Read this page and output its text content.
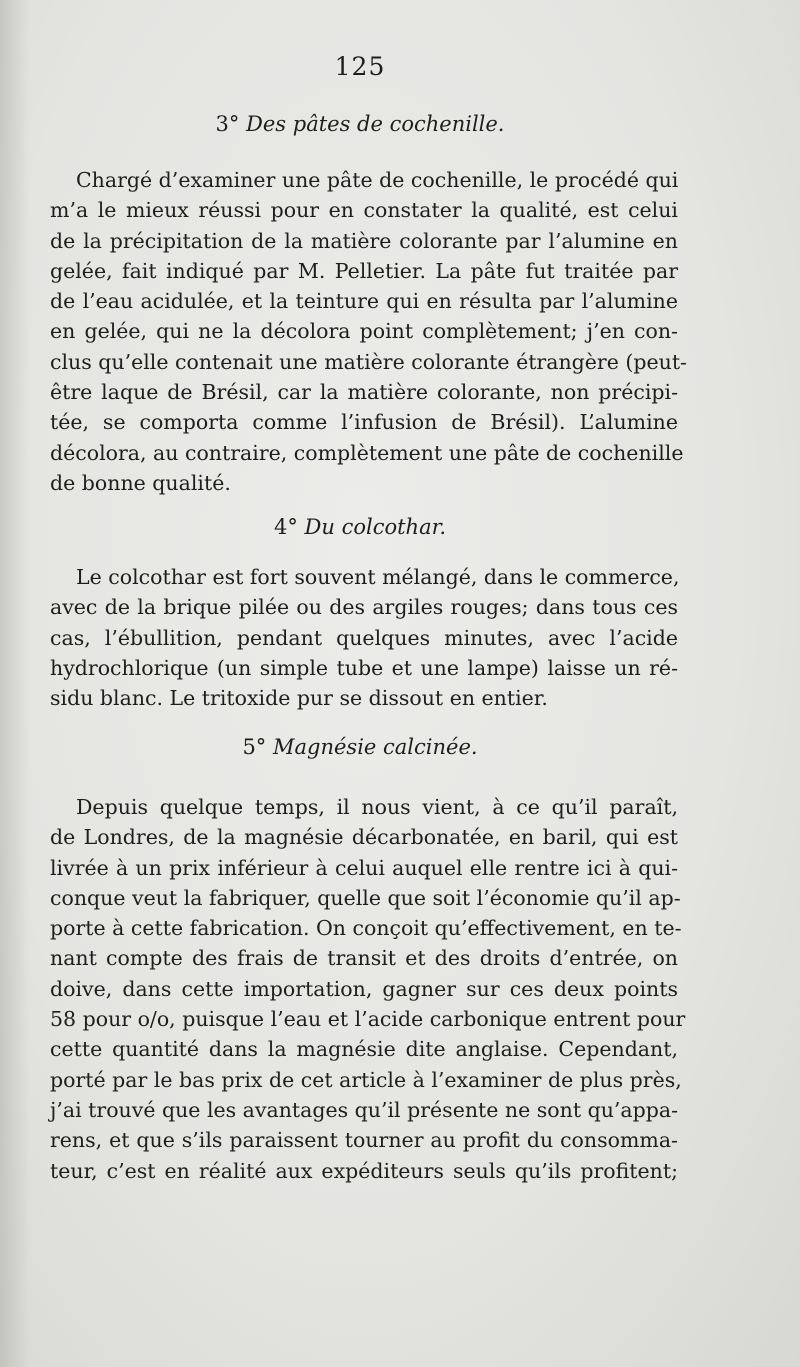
125
3° Des pâtes de cochenille.
Chargé d’examiner une pâte de cochenille, le procédé qui
m’a le mieux réussi pour en constater la qualité, est celui
de la précipitation de la matière colorante par l’alumine en
gelée, fait indiqué par M. Pelletier. La pâte fut traitée par
de l’eau acidulée, et la teinture qui en résulta par l’alumine
en gelée, qui ne la décolora point complètement; j’en con-
clus qu’elle contenait une matière colorante étrangère (peut-
être laque de Brésil, car la matière colorante, non précipi-
tée, se comporta comme l’infusion de Brésil). L’alumine
décolora, au contraire, complètement une pâte de cochenille
de bonne qualité.
4° Du colcothar.
Le colcothar est fort souvent mélangé, dans le commerce,
avec de la brique pilée ou des argiles rouges; dans tous ces
cas, l’ébullition, pendant quelques minutes, avec l’acide
hydrochlorique (un simple tube et une lampe) laisse un ré-
sidu blanc. Le tritoxide pur se dissout en entier.
5° Magnésie calcinée.
Depuis quelque temps, il nous vient, à ce qu’il paraît,
de Londres, de la magnésie décarbonatée, en baril, qui est
livrée à un prix inférieur à celui auquel elle rentre ici à qui-
conque veut la fabriquer, quelle que soit l’économie qu’il ap-
porte à cette fabrication. On conçoit qu’effectivement, en te-
nant compte des frais de transit et des droits d’entrée, on
doive, dans cette importation, gagner sur ces deux points
58 pour o/o, puisque l’eau et l’acide carbonique entrent pour
cette quantité dans la magnésie dite anglaise. Cependant,
porté par le bas prix de cet article à l’examiner de plus près,
j’ai trouvé que les avantages qu’il présente ne sont qu’appa-
rens, et que s’ils paraissent tourner au profit du consomma-
teur, c’est en réalité aux expéditeurs seuls qu’ils profitent;
